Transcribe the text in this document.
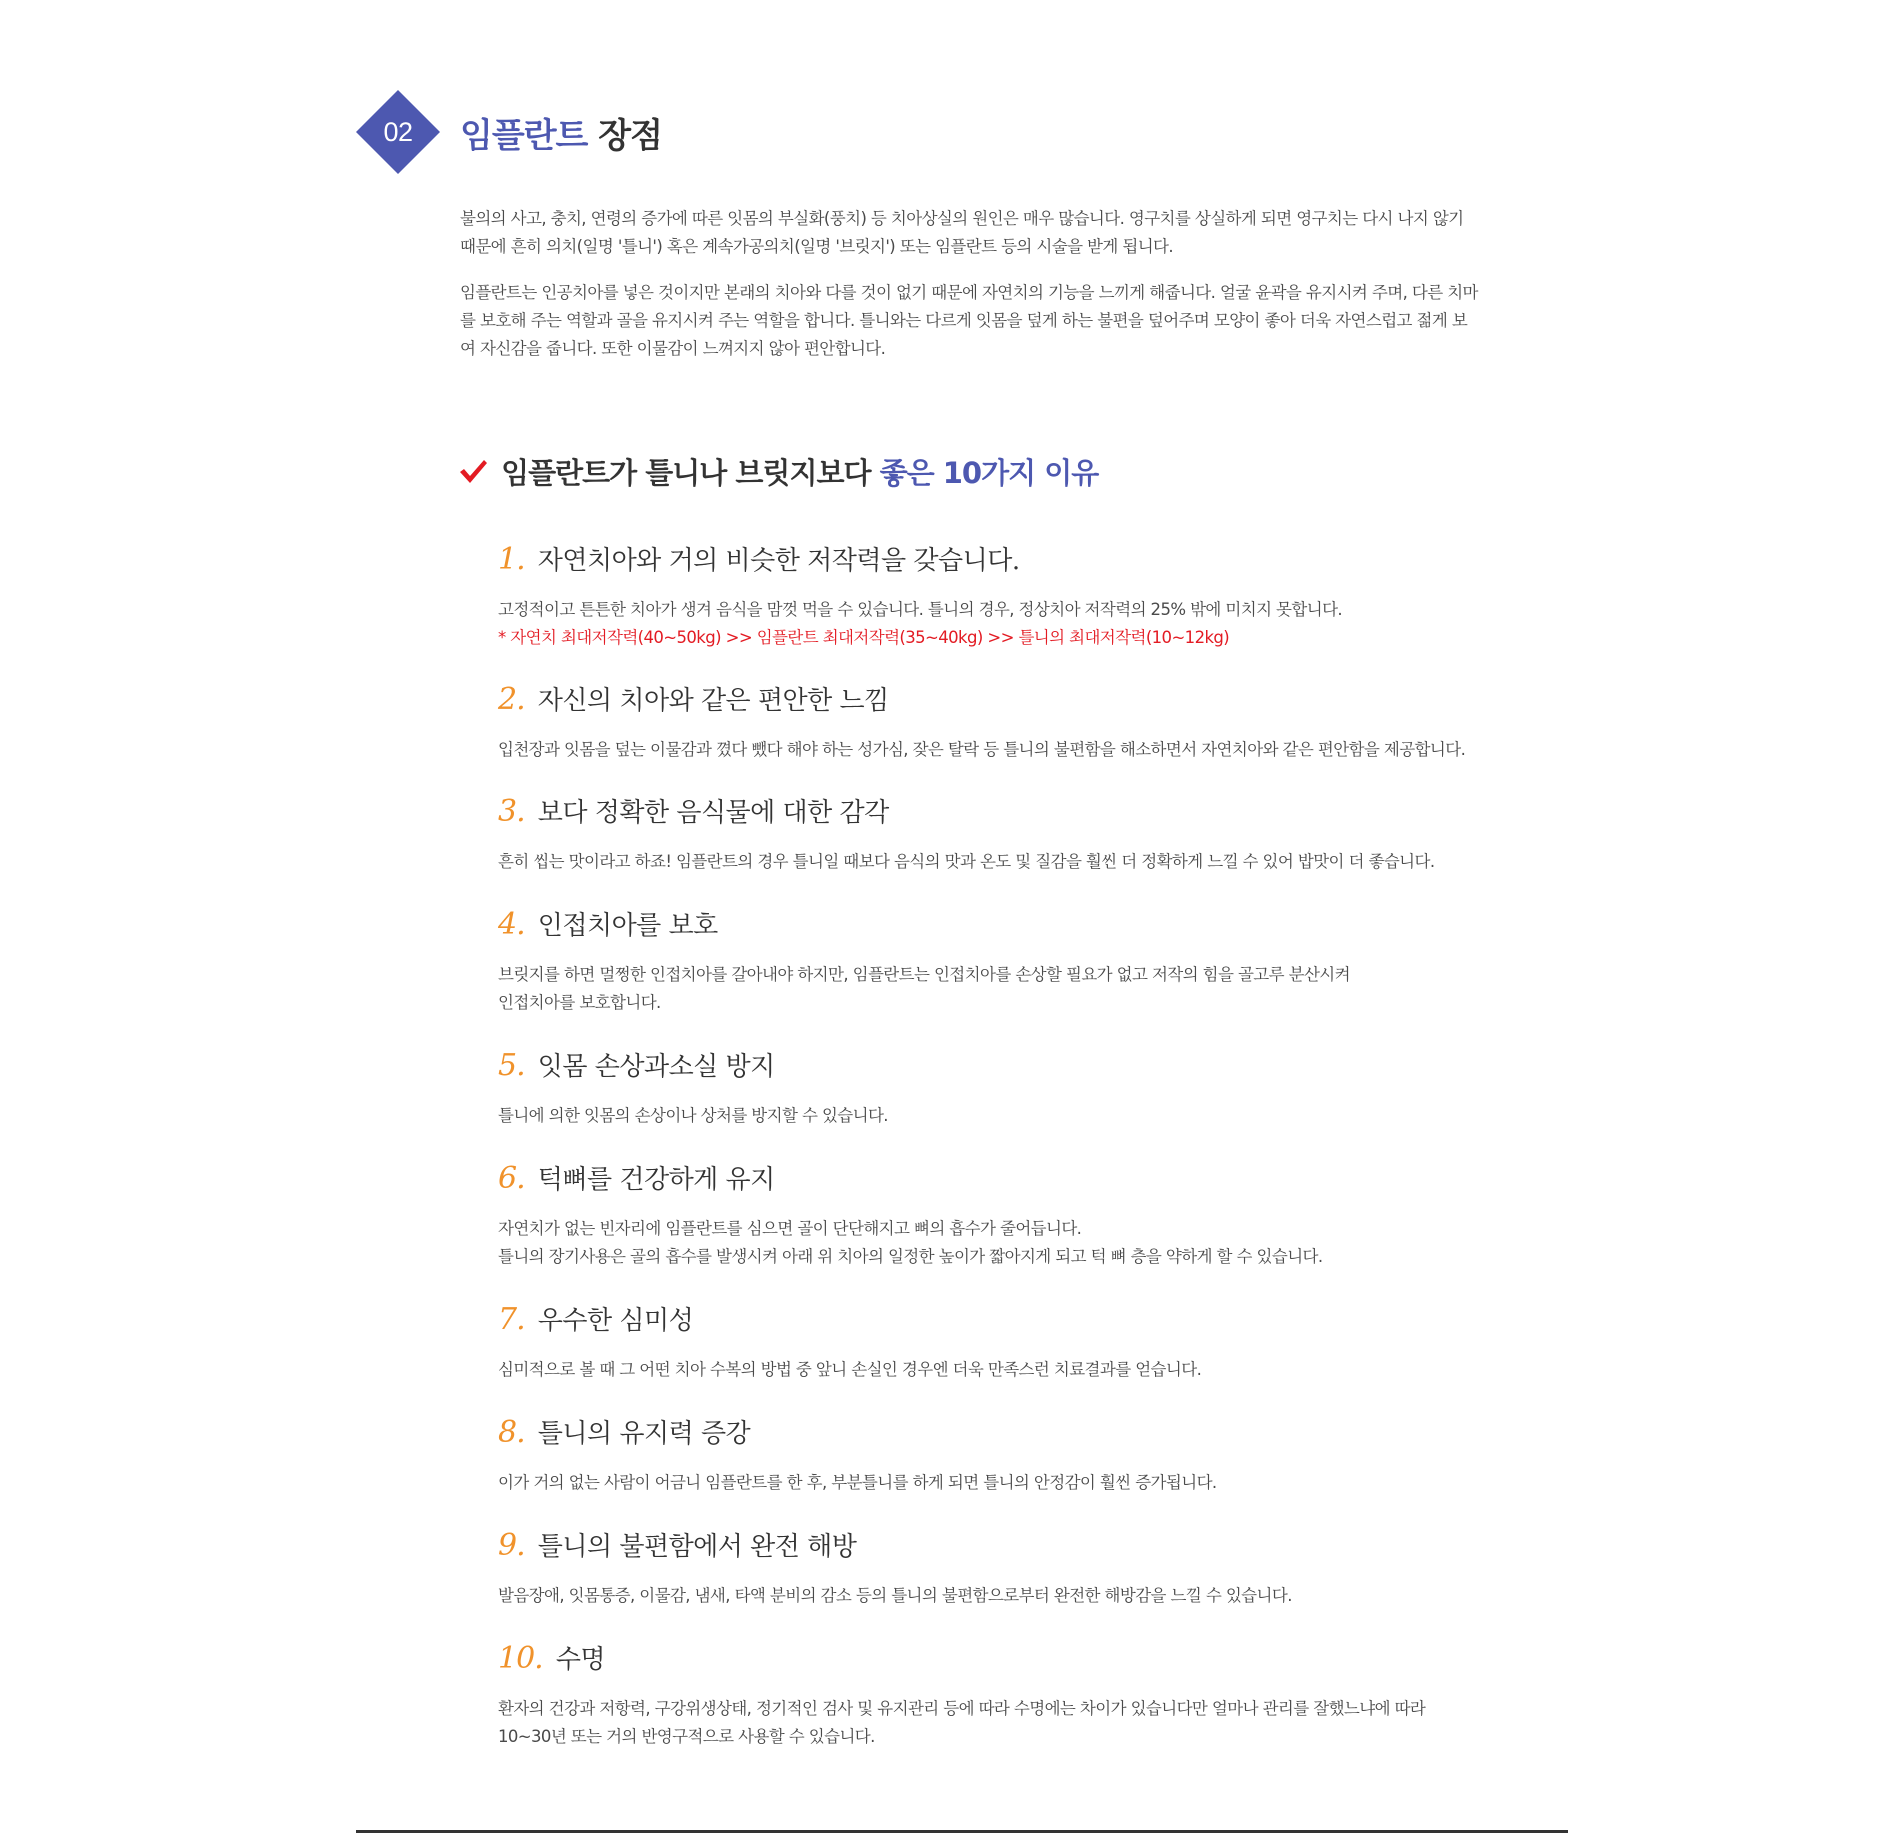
02	임플란트 장점

불의의 사고, 충치, 연령의 증가에 따른 잇몸의 부실화(풍치) 등 치아상실의 원인은 매우 많습니다. 영구치를 상실하게 되면 영구치는 다시 나지 않기 때문에 흔히 의치(일명 '틀니') 혹은 계속가공의치(일명 '브릿지') 또는 임플란트 등의 시술을 받게 됩니다.

임플란트는 인공치아를 넣은 것이지만 본래의 치아와 다를 것이 없기 때문에 자연치의 기능을 느끼게 해줍니다. 얼굴 윤곽을 유지시켜 주며, 다른 치마를 보호해 주는 역할과 골을 유지시켜 주는 역할을 합니다. 틀니와는 다르게 잇몸을 덮게 하는 불편을 덮어주며 모양이 좋아 더욱 자연스럽고 젊게 보여 자신감을 줍니다. 또한 이물감이 느껴지지 않아 편안합니다.

임플란트가 틀니나 브릿지보다 좋은 10가지 이유
1. 자연치아와 거의 비슷한 저작력을 갖습니다.

고정적이고 튼튼한 치아가 생겨 음식을 맘껏 먹을 수 있습니다. 틀니의 경우, 정상치아 저작력의 25% 밖에 미치지 못합니다.

* 자연치 최대저작력(40~50kg) >> 임플란트 최대저작력(35~40kg) >> 틀니의 최대저작력(10~12kg)

2. 자신의 치아와 같은 편안한 느낌

입천장과 잇몸을 덮는 이물감과 꼈다 뺐다 해야 하는 성가심, 잦은 탈락 등 틀니의 불편함을 해소하면서 자연치아와 같은 편안함을 제공합니다.

3. 보다 정확한 음식물에 대한 감각

흔히 씹는 맛이라고 하죠! 임플란트의 경우 틀니일 때보다 음식의 맛과 온도 및 질감을 훨씬 더 정확하게 느낄 수 있어 밥맛이 더 좋습니다.

4. 인접치아를 보호

브릿지를 하면 멀쩡한 인접치아를 갈아내야 하지만, 임플란트는 인접치아를 손상할 필요가 없고 저작의 힘을 골고루 분산시켜

인접치아를 보호합니다.

5. 잇몸 손상과소실 방지

틀니에 의한 잇몸의 손상이나 상처를 방지할 수 있습니다.

6. 턱뼈를 건강하게 유지

자연치가 없는 빈자리에 임플란트를 심으면 골이 단단해지고 뼈의 흡수가 줄어듭니다.

틀니의 장기사용은 골의 흡수를 발생시켜 아래 위 치아의 일정한 높이가 짧아지게 되고 턱 뼈 층을 약하게 할 수 있습니다.

7. 우수한 심미성

심미적으로 볼 때 그 어떤 치아 수복의 방법 중 앞니 손실인 경우엔 더욱 만족스런 치료결과를 얻습니다.

8. 틀니의 유지력 증강

이가 거의 없는 사람이 어금니 임플란트를 한 후, 부분틀니를 하게 되면 틀니의 안정감이 훨씬 증가됩니다.

9. 틀니의 불편함에서 완전 해방

발음장애, 잇몸통증, 이물감, 냄새, 타액 분비의 감소 등의 틀니의 불편함으로부터 완전한 해방감을 느낄 수 있습니다.

10. 수명

환자의 건강과 저항력, 구강위생상태, 정기적인 검사 및 유지관리 등에 따라 수명에는 차이가 있습니다만 얼마나 관리를 잘했느냐에 따라

10~30년 또는 거의 반영구적으로 사용할 수 있습니다.
